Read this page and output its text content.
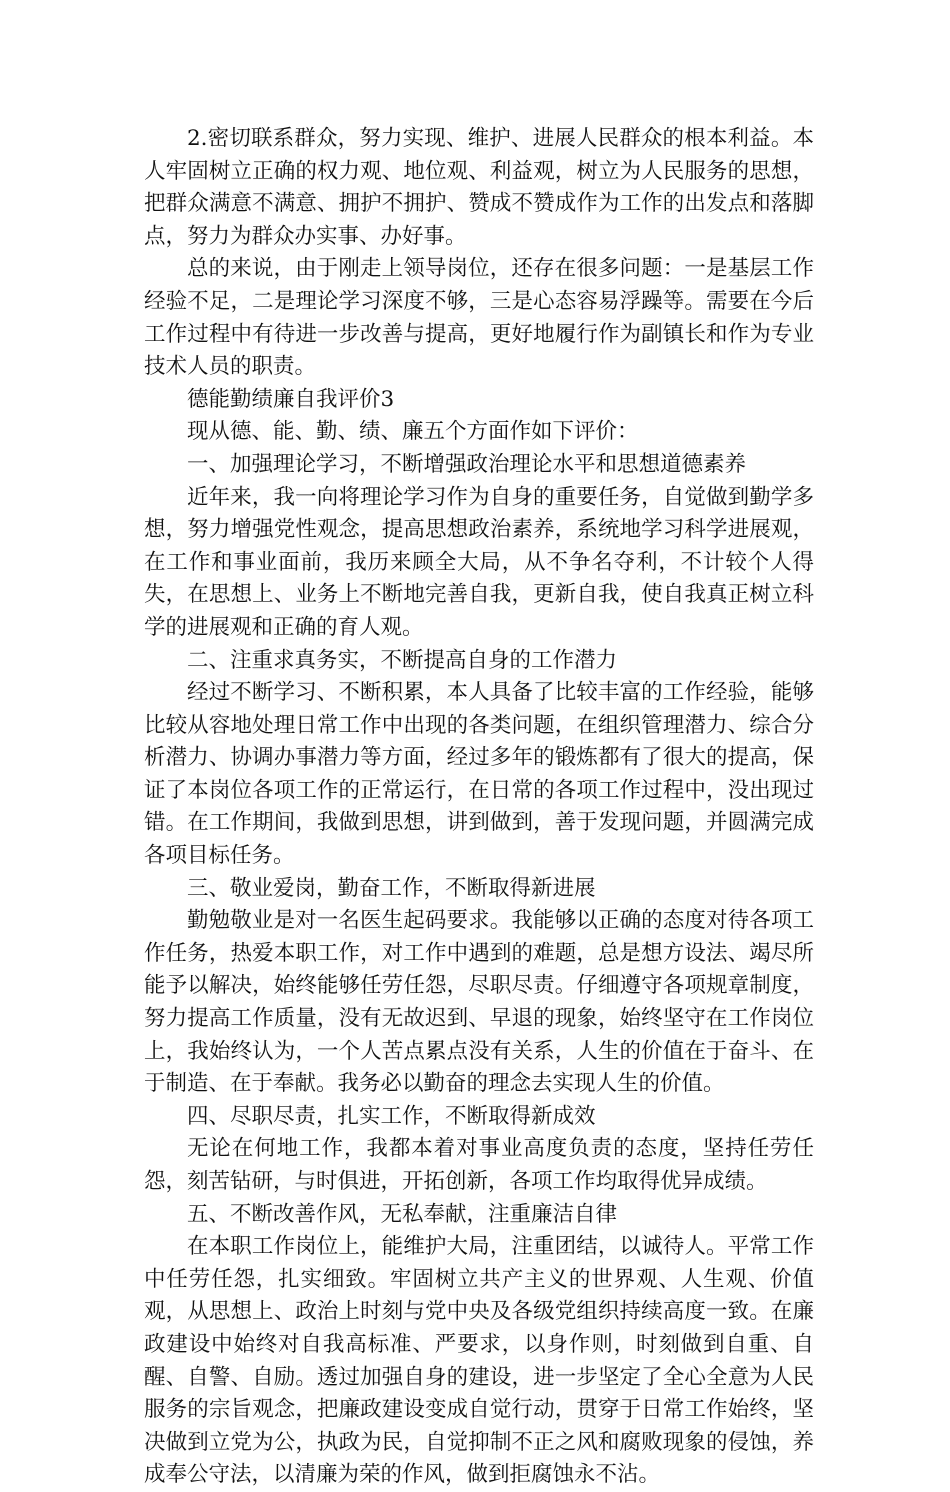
2.密切联系群众，努力实现、维护、进展人民群众的根本利益。本人牢固树立正确的权力观、地位观、利益观，树立为人民服务的思想，把群众满意不满意、拥护不拥护、赞成不赞成作为工作的出发点和落脚点，努力为群众办实事、办好事。

总的来说，由于刚走上领导岗位，还存在很多问题：一是基层工作经验不足，二是理论学习深度不够，三是心态容易浮躁等。需要在今后工作过程中有待进一步改善与提高，更好地履行作为副镇长和作为专业技术人员的职责。

德能勤绩廉自我评价3

现从德、能、勤、绩、廉五个方面作如下评价：

一、加强理论学习，不断增强政治理论水平和思想道德素养

近年来，我一向将理论学习作为自身的重要任务，自觉做到勤学多想，努力增强党性观念，提高思想政治素养，系统地学习科学进展观，在工作和事业面前，我历来顾全大局，从不争名夺利，不计较个人得失，在思想上、业务上不断地完善自我，更新自我，使自我真正树立科学的进展观和正确的育人观。

二、注重求真务实，不断提高自身的工作潜力

经过不断学习、不断积累，本人具备了比较丰富的工作经验，能够比较从容地处理日常工作中出现的各类问题，在组织管理潜力、综合分析潜力、协调办事潜力等方面，经过多年的锻炼都有了很大的提高，保证了本岗位各项工作的正常运行，在日常的各项工作过程中，没出现过错。在工作期间，我做到思想，讲到做到，善于发现问题，并圆满完成各项目标任务。

三、敬业爱岗，勤奋工作，不断取得新进展

勤勉敬业是对一名医生起码要求。我能够以正确的态度对待各项工作任务，热爱本职工作，对工作中遇到的难题，总是想方设法、竭尽所能予以解决，始终能够任劳任怨，尽职尽责。仔细遵守各项规章制度，努力提高工作质量，没有无故迟到、早退的现象，始终坚守在工作岗位上，我始终认为，一个人苦点累点没有关系，人生的价值在于奋斗、在于制造、在于奉献。我务必以勤奋的理念去实现人生的价值。

四、尽职尽责，扎实工作，不断取得新成效

无论在何地工作，我都本着对事业高度负责的态度，坚持任劳任怨，刻苦钻研，与时俱进，开拓创新，各项工作均取得优异成绩。

五、不断改善作风，无私奉献，注重廉洁自律

在本职工作岗位上，能维护大局，注重团结，以诚待人。平常工作中任劳任怨，扎实细致。牢固树立共产主义的世界观、人生观、价值观，从思想上、政治上时刻与党中央及各级党组织持续高度一致。在廉政建设中始终对自我高标准、严要求，以身作则，时刻做到自重、自醒、自警、自励。透过加强自身的建设，进一步坚定了全心全意为人民服务的宗旨观念，把廉政建设变成自觉行动，贯穿于日常工作始终，坚决做到立党为公，执政为民，自觉抑制不正之风和腐败现象的侵蚀，养成奉公守法，以清廉为荣的作风，做到拒腐蚀永不沾。
